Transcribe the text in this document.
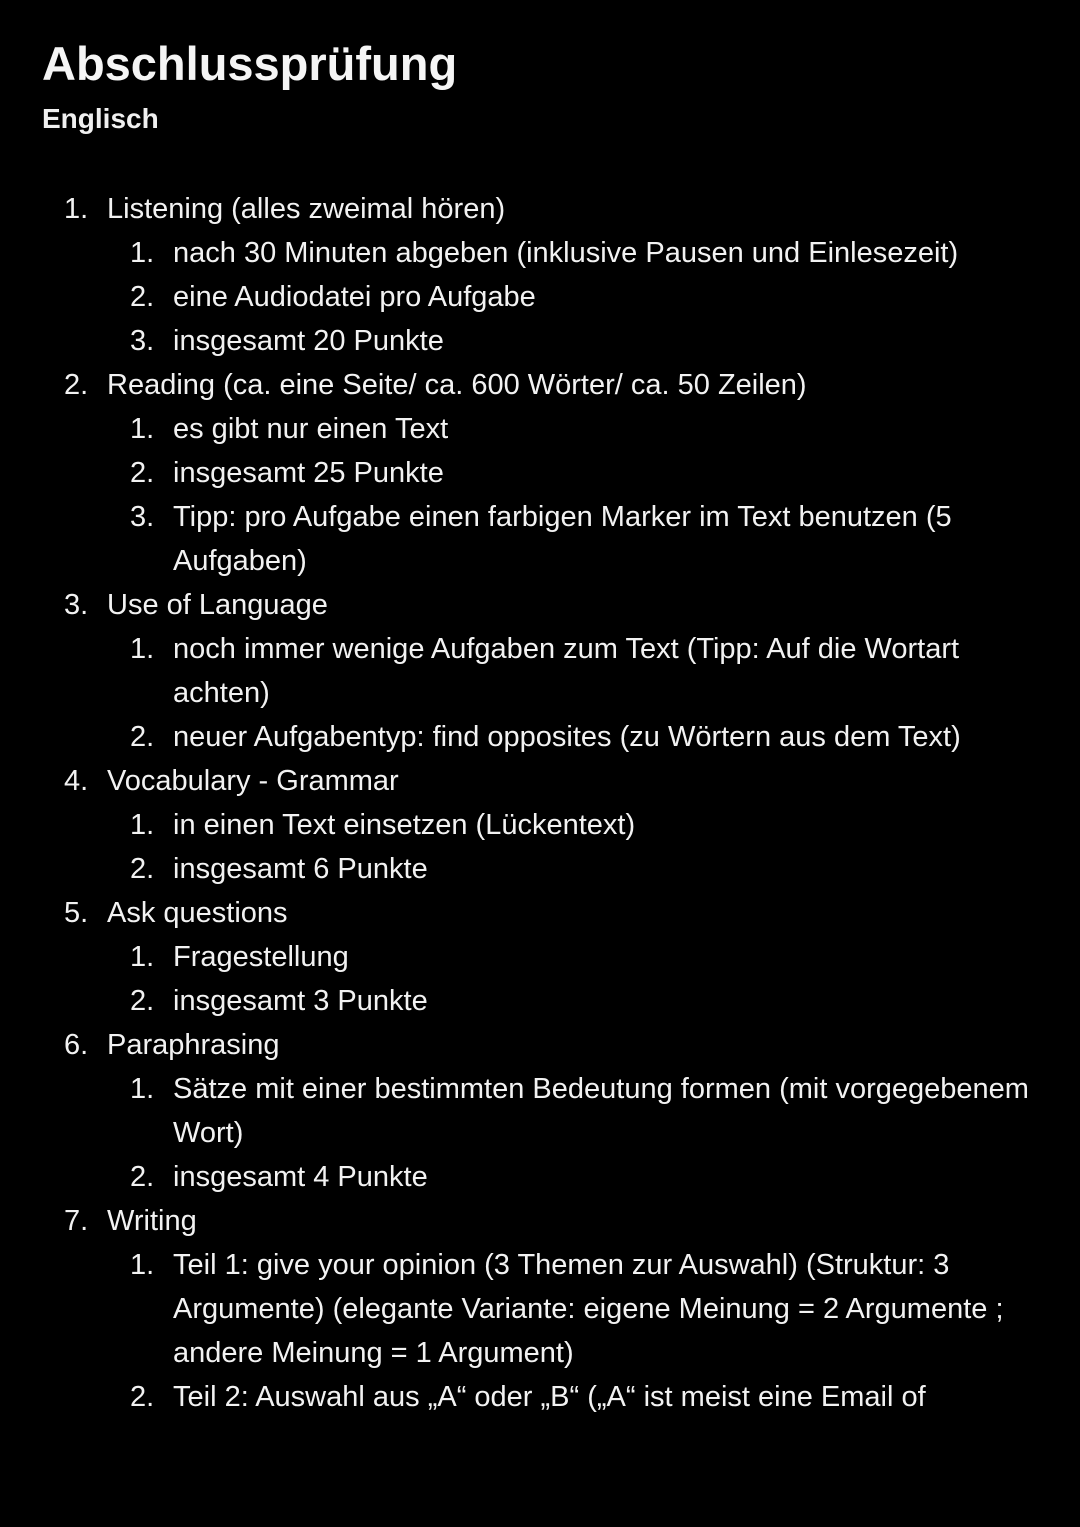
Abschlussprüfung
Englisch
1. Listening (alles zweimal hören)
1. nach 30 Minuten abgeben (inklusive Pausen und Einlesezeit)
2. eine Audiodatei pro Aufgabe
3. insgesamt 20 Punkte
2. Reading (ca. eine Seite/ ca. 600 Wörter/ ca. 50 Zeilen)
1. es gibt nur einen Text
2. insgesamt 25 Punkte
3. Tipp: pro Aufgabe einen farbigen Marker im Text benutzen (5 Aufgaben)
3. Use of Language
1. noch immer wenige Aufgaben zum Text (Tipp: Auf die Wortart achten)
2. neuer Aufgabentyp: find opposites (zu Wörtern aus dem Text)
4. Vocabulary - Grammar
1. in einen Text einsetzen (Lückentext)
2. insgesamt 6 Punkte
5. Ask questions
1. Fragestellung
2. insgesamt 3 Punkte
6. Paraphrasing
1. Sätze mit einer bestimmten Bedeutung formen (mit vorgegebenem Wort)
2. insgesamt 4 Punkte
7. Writing
1. Teil 1: give your opinion (3 Themen zur Auswahl) (Struktur: 3 Argumente) (elegante Variante: eigene Meinung = 2 Argumente ; andere Meinung = 1 Argument)
2. Teil 2: Auswahl aus „A“ oder „B“ („A“ ist meist eine Email of
